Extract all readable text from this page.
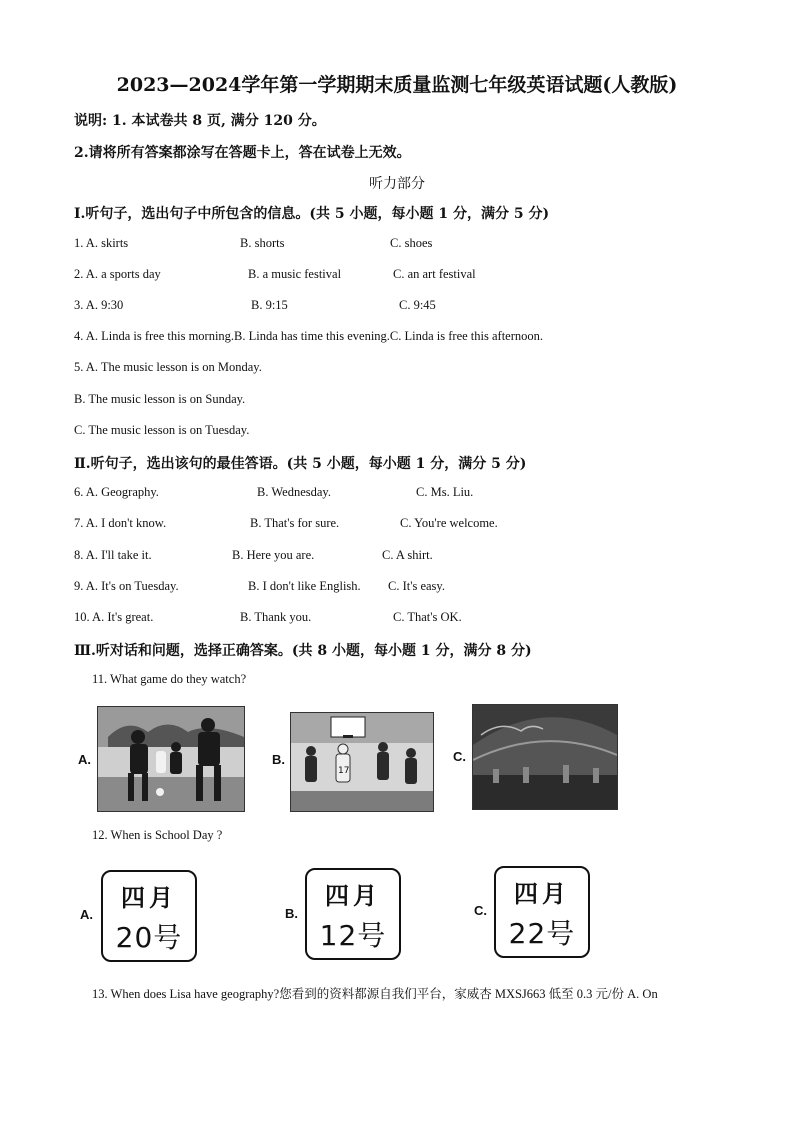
2023—2024学年第一学期期末质量监测七年级英语试题(人教版)
说明: 1. 本试卷共 8 页, 满分 120 分。
2.请将所有答案都涂写在答题卡上，答在试卷上无效。
听力部分
Ⅰ.听句子，选出句子中所包含的信息。(共 5 小题，每小题 1 分，满分 5 分)
1. A. skirts	B. shorts	C. shoes
2. A. a sports day	B. a music festival	C. an art festival
3. A. 9:30	B. 9:15	C. 9:45
4. A. Linda is free this morning.B. Linda has time this evening.C. Linda is free this afternoon.
5. A. The music lesson is on Monday.
B. The music lesson is on Sunday.
C. The music lesson is on Tuesday.
Ⅱ.听句子，选出该句的最佳答语。(共 5 小题，每小题 1 分，满分 5 分)
6. A. Geography.	B. Wednesday.	C. Ms. Liu.
7. A. I don't know.	B. That's for sure.	C. You're welcome.
8. A. I'll take it.	B. Here you are.	C. A shirt.
9. A. It's on Tuesday.	B. I don't like English. C. It's easy.
10. A. It's great.	B. Thank you.	C. That's OK.
Ⅲ.听对话和问题，选择正确答案。(共 8 小题，每小题 1 分，满分 8 分)
11. What game do they watch?
A.	B.
17
C.
12. When is School Day ?
A.
四月
20号
B.
四月
12号
C.
四月
22号
13. When does Lisa have geography?您看到的资料都源自我们平台，家威杏 MXSJ663 低至 0.3 元/份 A. On
